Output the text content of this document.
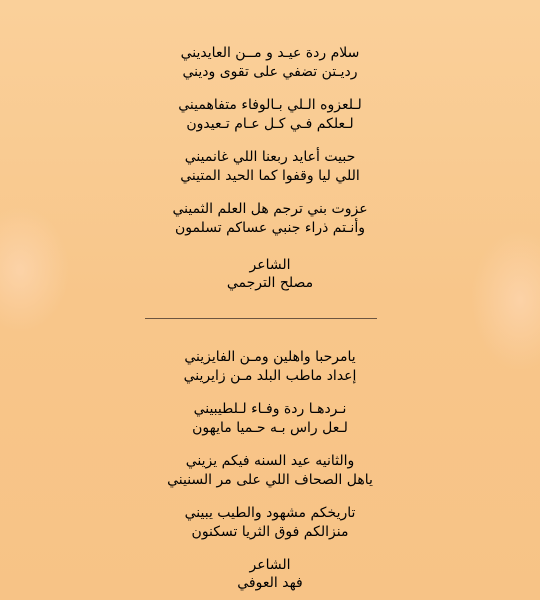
سلام ردة عيـد و مــن العايديني
رديـتن تضفي على تقوى وديني
لـلعزوه الـلي بـالوفاء متفاهميني
لـعلكم فـي كـل عـام تـعيدون
حبيت أعايد ربعنا اللي غانميني
اللي ليا وقفوا كما الحيد المتيني
عزوت بني ترجم هل العلم الثميني
وأنـتم ذراء جنبي عساكم تسلمون
الشاعر
مصلح الترجمي
يامرحبا واهلين ومـن الفايزيني
إعداد ماطب البلد مـن زايريني
نـردهـا ردة وفـاء لـلطيبيني
لـعل راس بـه حـميا مايهون
والثانيه عيد السنه فيكم يزيني
ياهل الصحاف اللي على مر السنيني
تاريخكم مشهود والطيب يبيني
منزالكم فوق الثريا تسكنون
الشاعر
فهد العوفي
